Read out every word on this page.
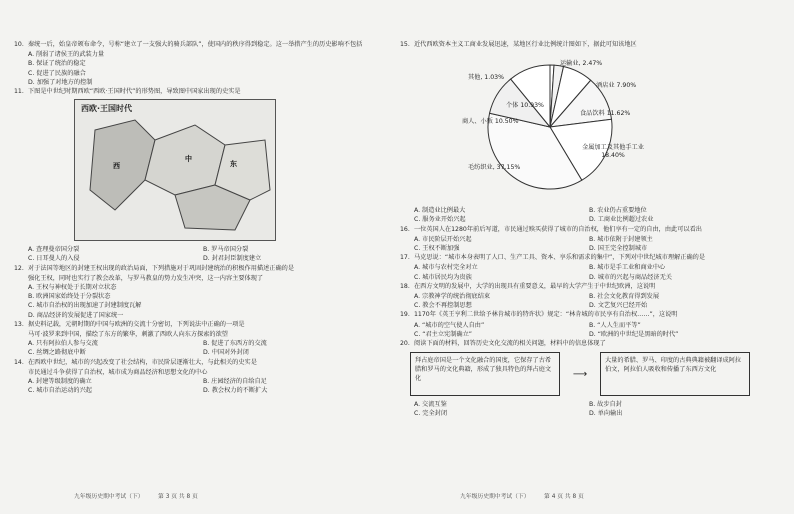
10. 秦统一后，始皇帝颁布命令，号称“建立了一支强大的骑兵部队”，使国内的秩序得到稳定。这一举措产生的历史影响不包括
A. 削弱了诸侯王的武装力量
B. 保证了统治的稳定
C. 促进了民族的融合
D. 加强了对地方的控制
11. 下图是中世纪时期西欧“西欧·王国时代”的形势图，导致图中国家出现的史实是
西欧·王国时代
西	东
中
A. 查理曼帝国分裂	B. 罗马帝国分裂
C. 日耳曼人的入侵	D. 封君封臣制度建立
12. 对于法国等地区的封建王权出现的政治局面，下列措施对于巩固封建统治的积极作用描述正确的是
强化王权，同时也实行了教会改革，与罗马教皇的势力发生冲突，这一内容主要体现了
A. 王权与神权处于长期对立状态
B. 欧洲国家始终处于分裂状态
C. 城市自治权的出现加速了封建制度瓦解
D. 商品经济的发展促进了国家统一
13. 据史料记载，元朝时期的中国与欧洲的交流十分密切，下列说法中正确的一项是
马可·波罗来到中国，描绘了东方的繁华，刺激了西欧人向东方探索的欲望
A. 只有阿拉伯人参与交流	B. 促进了东西方的交流
C. 丝绸之路彻底中断	D. 中国对外封闭
14. 在西欧中世纪，城市的兴起改变了社会结构，市民阶层逐渐壮大，与此相关的史实是
市民通过斗争获得了自治权，城市成为商品经济和思想文化的中心
A. 封建等级制度的确立	B. 庄园经济的自给自足
C. 城市自治运动的兴起	D. 教会权力的不断扩大
九年级历史期中考试（下）　　　第 3 页 共 8 页
15. 近代西欧资本主义工商业发展迅速，某地区行业比例统计图如下，据此可知该地区
其他, 1.03%
运输业, 2.47%
酒店业 7.90%
食品饮料 11.62%
金属加工及其他手工业 18.40%
毛纺织业, 37.15%
商人、小贩 10.50%
个体 10.93%
A. 制造业比例最大	B. 农业仍占重要地位
C. 服务业开始兴起	D. 工商业比例超过农业
16. 一位英国人在1280年前后写道，市民通过赎买获得了城市的自治权，他们享有一定的自由，由此可以看出
A. 市民阶层开始兴起	B. 城市依附于封建领主
C. 王权不断加强	D. 国王完全控制城市
17. 马克思说：“城市本身表明了人口、生产工具、资本、享乐和需求的集中”，下列对中世纪城市理解正确的是
A. 城市与农村完全对立	B. 城市是手工业和商业中心
C. 城市居民均为贵族	D. 城市的兴起与商品经济无关
18. 在西方文明的发展中，大学的出现具有重要意义，最早的大学产生于中世纪欧洲，这说明
A. 宗教神学的统治彻底结束	B. 社会文化教育得到发展
C. 教会不再控制思想	D. 文艺复兴已经开始
19. 1170年《英王亨利二世给予林肯城市的特许状》规定：“林肯城的市民享有自治权……”，这说明
A. “城市的空气使人自由”	B. “人人生而平等”
C. “君主立宪制确立”	D. “欧洲的中世纪是黑暗的时代”
20. 阅读下面的材料，回答历史文化交流的相关问题，材料中的信息体现了
拜占庭帝国是一个文化融合的国度，它保存了古希腊和罗马的文化典籍，形成了独具特色的拜占庭文化	⟶
大量的希腊、罗马、印度的古典典籍被翻译成阿拉伯文，阿拉伯人吸收和传播了东西方文化
A. 交流互鉴	B. 故步自封
C. 完全封闭	D. 单向输出
九年级历史期中考试（下）　　　第 4 页 共 8 页
